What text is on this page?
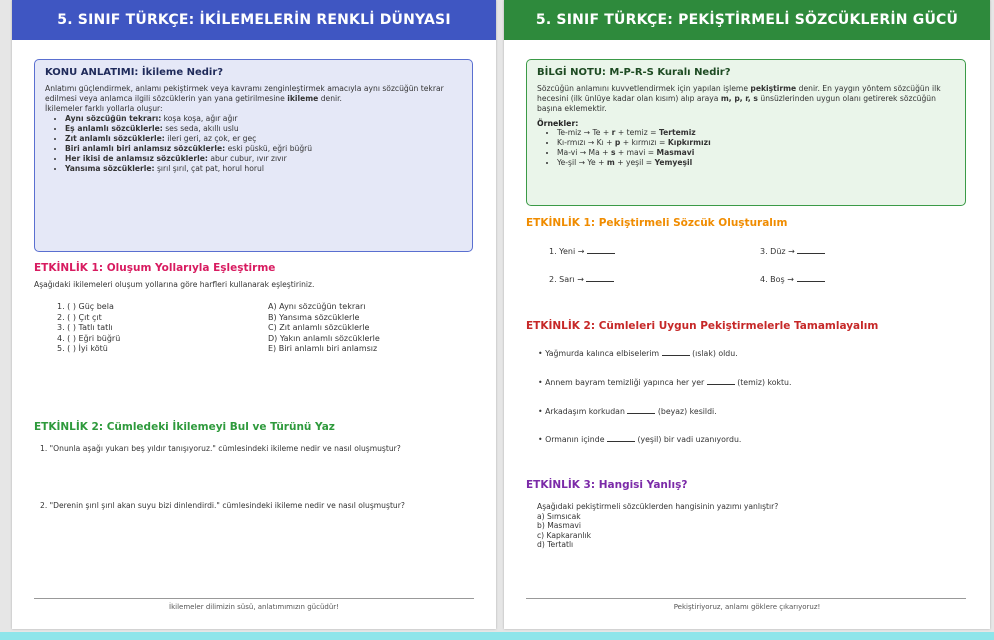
5. SINIF TÜRKÇE: İKİLEMELERİN RENKLİ DÜNYASI
KONU ANLATIMI: İkileme Nedir?
Anlatımı güçlendirmek, anlamı pekiştirmek veya kavramı zenginleştirmek amacıyla aynı sözcüğün tekrar edilmesi veya anlamca ilgili sözcüklerin yan yana getirilmesine ikileme denir.
İkilemeler farklı yollarla oluşur:
• Aynı sözcüğün tekrarı: koşa koşa, ağır ağır
• Eş anlamlı sözcüklerle: ses seda, akıllı uslu
• Zıt anlamlı sözcüklerle: ileri geri, az çok, er geç
• Biri anlamlı biri anlamsız sözcüklerle: eski püskü, eğri büğrü
• Her ikisi de anlamsız sözcüklerle: abur cubur, ıvır zıvır
• Yansıma sözcüklerle: şırıl şırıl, çat pat, horul horul
ETKİNLİK 1: Oluşum Yollarıyla Eşleştirme
Aşağıdaki ikilemeleri oluşum yollarına göre harfleri kullanarak eşleştiriniz.
1. ( ) Güç bela
2. ( ) Çıt çıt
3. ( ) Tatlı tatlı
4. ( ) Eğri büğrü
5. ( ) İyi kötü
A) Aynı sözcüğün tekrarı
B) Yansıma sözcüklerle
C) Zıt anlamlı sözcüklerle
D) Yakın anlamlı sözcüklerle
E) Biri anlamlı biri anlamsız
ETKİNLİK 2: Cümledeki İkilemeyi Bul ve Türünü Yaz
1. "Onunla aşağı yukarı beş yıldır tanışıyoruz." cümlesindeki ikileme nedir ve nasıl oluşmuştur?
2. "Derenin şırıl şırıl akan suyu bizi dinlendirdi." cümlesindeki ikileme nedir ve nasıl oluşmuştur?
İkilemeler dilimizin süsü, anlatımımızın gücüdür!
5. SINIF TÜRKÇE: PEKİŞTİRMELİ SÖZCÜKLERİN GÜCÜ
BİLGİ NOTU: M-P-R-S Kuralı Nedir?
Sözcüğün anlamını kuvvetlendirmek için yapılan işleme pekiştirme denir. En yaygın yöntem sözcüğün ilk hecesini (ilk ünlüye kadar olan kısım) alıp araya m, p, r, s ünsüzlerinden uygun olanı getirerek sözcüğün başına eklemektir.
Örnekler:
• Te-miz → Te + r + temiz = Tertemiz
• Kı-rmızı → Kı + p + kırmızı = Kıpkırmızı
• Ma-vi → Ma + s + mavi = Masmavi
• Ye-şil → Ye + m + yeşil = Yemyeşil
ETKİNLİK 1: Pekiştirmeli Sözcük Oluşturalım
1. Yeni →	3. Düz →
2. Sarı →	4. Boş →
ETKİNLİK 2: Cümleleri Uygun Pekiştirmelerle Tamamlayalım
• Yağmurda kalınca elbiselerim	(ıslak) oldu.
• Annem bayram temizliği yapınca her yer	(temiz) koktu.
• Arkadaşım korkudan	(beyaz) kesildi.
• Ormanın içinde	(yeşil) bir vadi uzanıyordu.
ETKİNLİK 3: Hangisi Yanlış?
Aşağıdaki pekiştirmeli sözcüklerden hangisinin yazımı yanlıştır?
a) Sımsıcak
b) Masmavi
c) Kapkaranlık
d) Tertatlı
Pekiştiriyoruz, anlamı göklere çıkarıyoruz!
